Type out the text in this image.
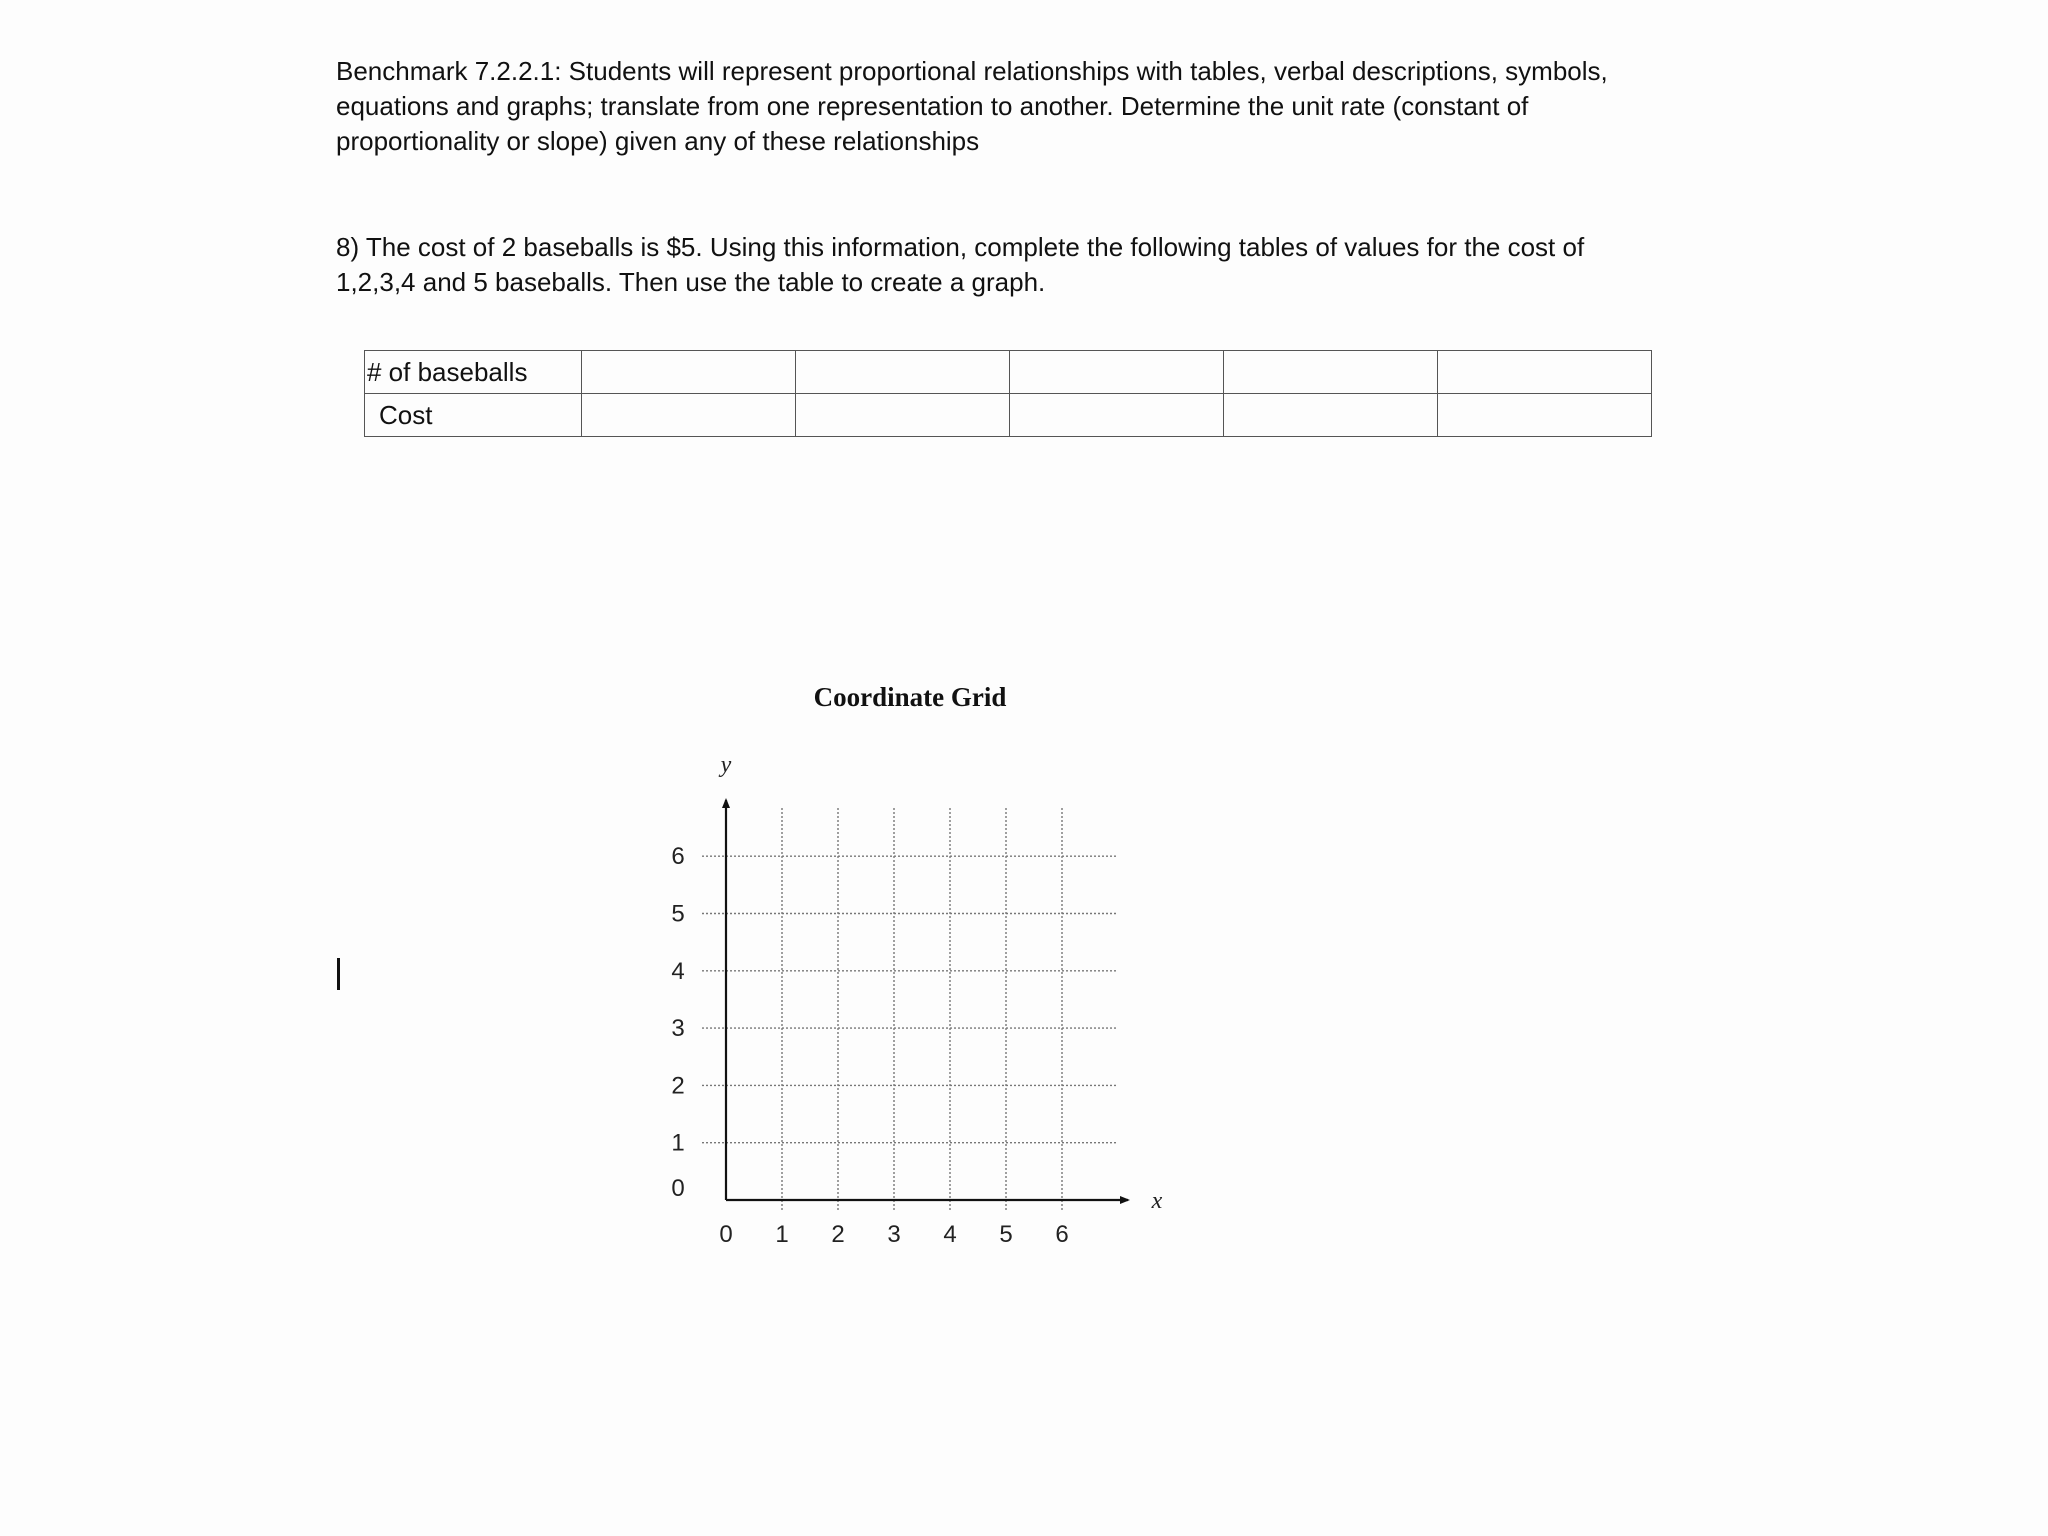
Benchmark 7.2.2.1: Students will represent proportional relationships with tables, verbal descriptions, symbols, equations and graphs; translate from one representation to another. Determine the unit rate (constant of proportionality or slope) given any of these relationships

8) The cost of 2 baseballs is $5. Using this information, complete the following tables of values for the cost of 1,2,3,4 and 5 baseballs. Then use the table to create a graph.

# of baseballs					
Cost					
Coordinate Grid
y
x
0 1 2 3 4 5 6
0
1
2
3
4
5
6
